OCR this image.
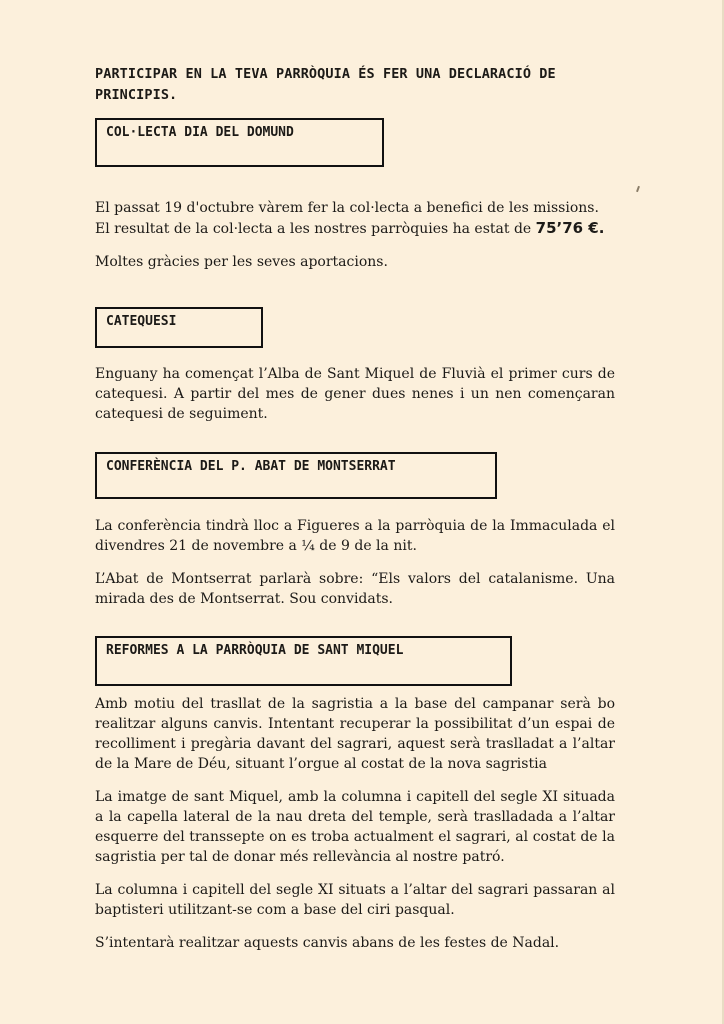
PARTICIPAR EN LA TEVA PARRÒQUIA ÉS FER UNA DECLARACIÓ DE PRINCIPIS.
COL·LECTA DIA DEL DOMUND

El passat 19 d'octubre vàrem fer la col·lecta a benefici de les missions.

El resultat de la col·lecta a les nostres parròquies ha estat de 75’76 €.

Moltes gràcies per les seves aportacions.

CATEQUESI

Enguany ha començat l’Alba de Sant Miquel de Fluvià el primer curs de catequesi. A partir del mes de gener dues nenes i un nen començaran catequesi de seguiment.

CONFERÈNCIA DEL P. ABAT DE MONTSERRAT

La conferència tindrà lloc a Figueres a la parròquia de la Immaculada el divendres 21 de novembre a ¼ de 9 de la nit.

L’Abat de Montserrat parlarà sobre: “Els valors del catalanisme. Una mirada des de Montserrat. Sou convidats.

REFORMES A LA PARRÒQUIA DE SANT MIQUEL

Amb motiu del trasllat de la sagristia a la base del campanar serà bo realitzar alguns canvis. Intentant recuperar la possibilitat d’un espai de recolliment i pregària davant del sagrari, aquest serà traslladat a l’altar de la Mare de Déu, situant l’orgue al costat de la nova sagristia

La imatge de sant Miquel, amb la columna i capitell del segle XI situada a la capella lateral de la nau dreta del temple, serà traslladada a l’altar esquerre del transsepte on es troba actualment el sagrari, al costat de la sagristia per tal de donar més rellevància al nostre patró.

La columna i capitell del segle XI situats a l’altar del sagrari passaran al baptisteri utilitzant-se com a base del ciri pasqual.

S’intentarà realitzar aquests canvis abans de les festes de Nadal.
